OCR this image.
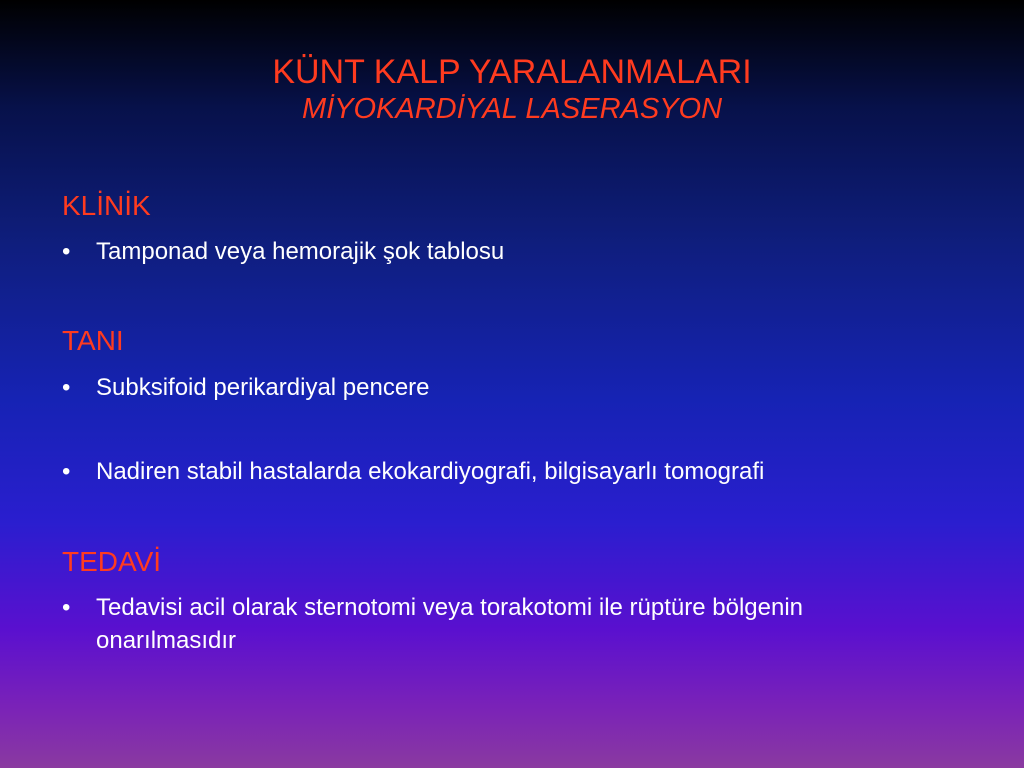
KÜNT KALP YARALANMALARI
MİYOKARDİYAL LASERASYON
KLİNİK
•	Tamponad veya hemorajik şok tablosu
TANI
•	Subksifoid perikardiyal pencere
•	Nadiren stabil hastalarda ekokardiyografi, bilgisayarlı tomografi
TEDAVİ
•	Tedavisi acil olarak sternotomi veya torakotomi ile rüptüre bölgenin onarılmasıdır
